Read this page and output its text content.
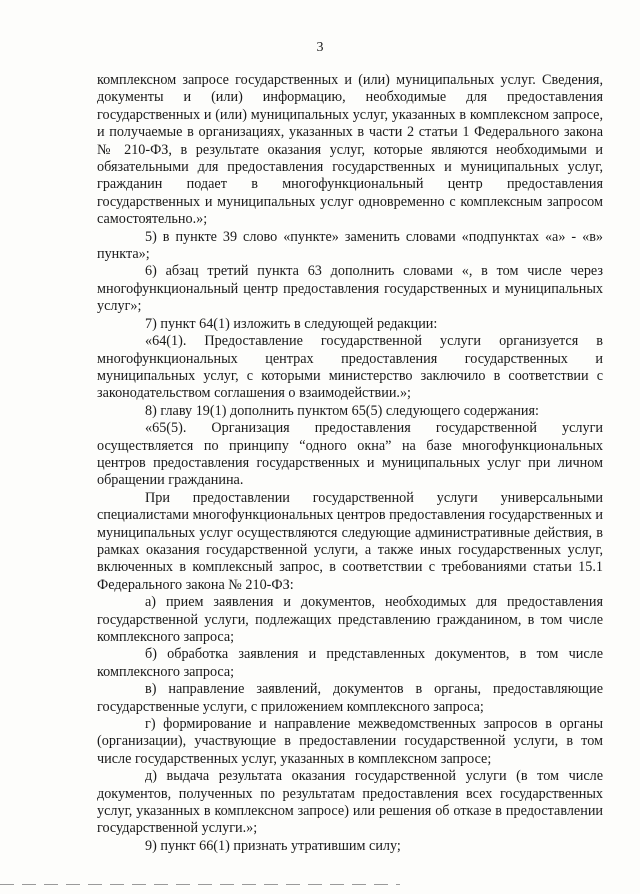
3

комплексном запросе государственных и (или) муниципальных услуг. Сведения, документы и (или) информацию, необходимые для предоставления государственных и (или) муниципальных услуг, указанных в комплексном запросе, и получаемые в организациях, указанных в части 2 статьи 1 Федерального закона № 210-ФЗ, в результате оказания услуг, которые являются необходимыми и обязательными для предоставления государственных и муниципальных услуг, гражданин подает в многофункциональный центр предоставления государственных и муниципальных услуг одновременно с комплексным запросом самостоятельно.»;

5) в пункте 39 слово «пункте» заменить словами «подпунктах «а» - «в» пункта»;

6) абзац третий пункта 63 дополнить словами «, в том числе через многофункциональный центр предоставления государственных и муниципальных услуг»;

7) пункт 64(1) изложить в следующей редакции:

«64(1). Предоставление государственной услуги организуется в многофункциональных центрах предоставления государственных и муниципальных услуг, с которыми министерство заключило в соответствии с законодательством соглашения о взаимодействии.»;

8) главу 19(1) дополнить пунктом 65(5) следующего содержания:

«65(5). Организация предоставления государственной услуги осуществляется по принципу “одного окна” на базе многофункциональных центров предоставления государственных и муниципальных услуг при личном обращении гражданина.

При предоставлении государственной услуги универсальными специалистами многофункциональных центров предоставления государственных и муниципальных услуг осуществляются следующие административные действия, в рамках оказания государственной услуги, а также иных государственных услуг, включенных в комплексный запрос, в соответствии с требованиями статьи 15.1 Федерального закона № 210-ФЗ:

а) прием заявления и документов, необходимых для предоставления государственной услуги, подлежащих представлению гражданином, в том числе комплексного запроса;

б) обработка заявления и представленных документов, в том числе комплексного запроса;

в) направление заявлений, документов в органы, предоставляющие государственные услуги, с приложением комплексного запроса;

г) формирование и направление межведомственных запросов в органы (организации), участвующие в предоставлении государственной услуги, в том числе государственных услуг, указанных в комплексном запросе;

д) выдача результата оказания государственной услуги (в том числе документов, полученных по результатам предоставления всех государственных услуг, указанных в комплексном запросе) или решения об отказе в предоставлении государственной услуги.»;

9) пункт 66(1) признать утратившим силу;
